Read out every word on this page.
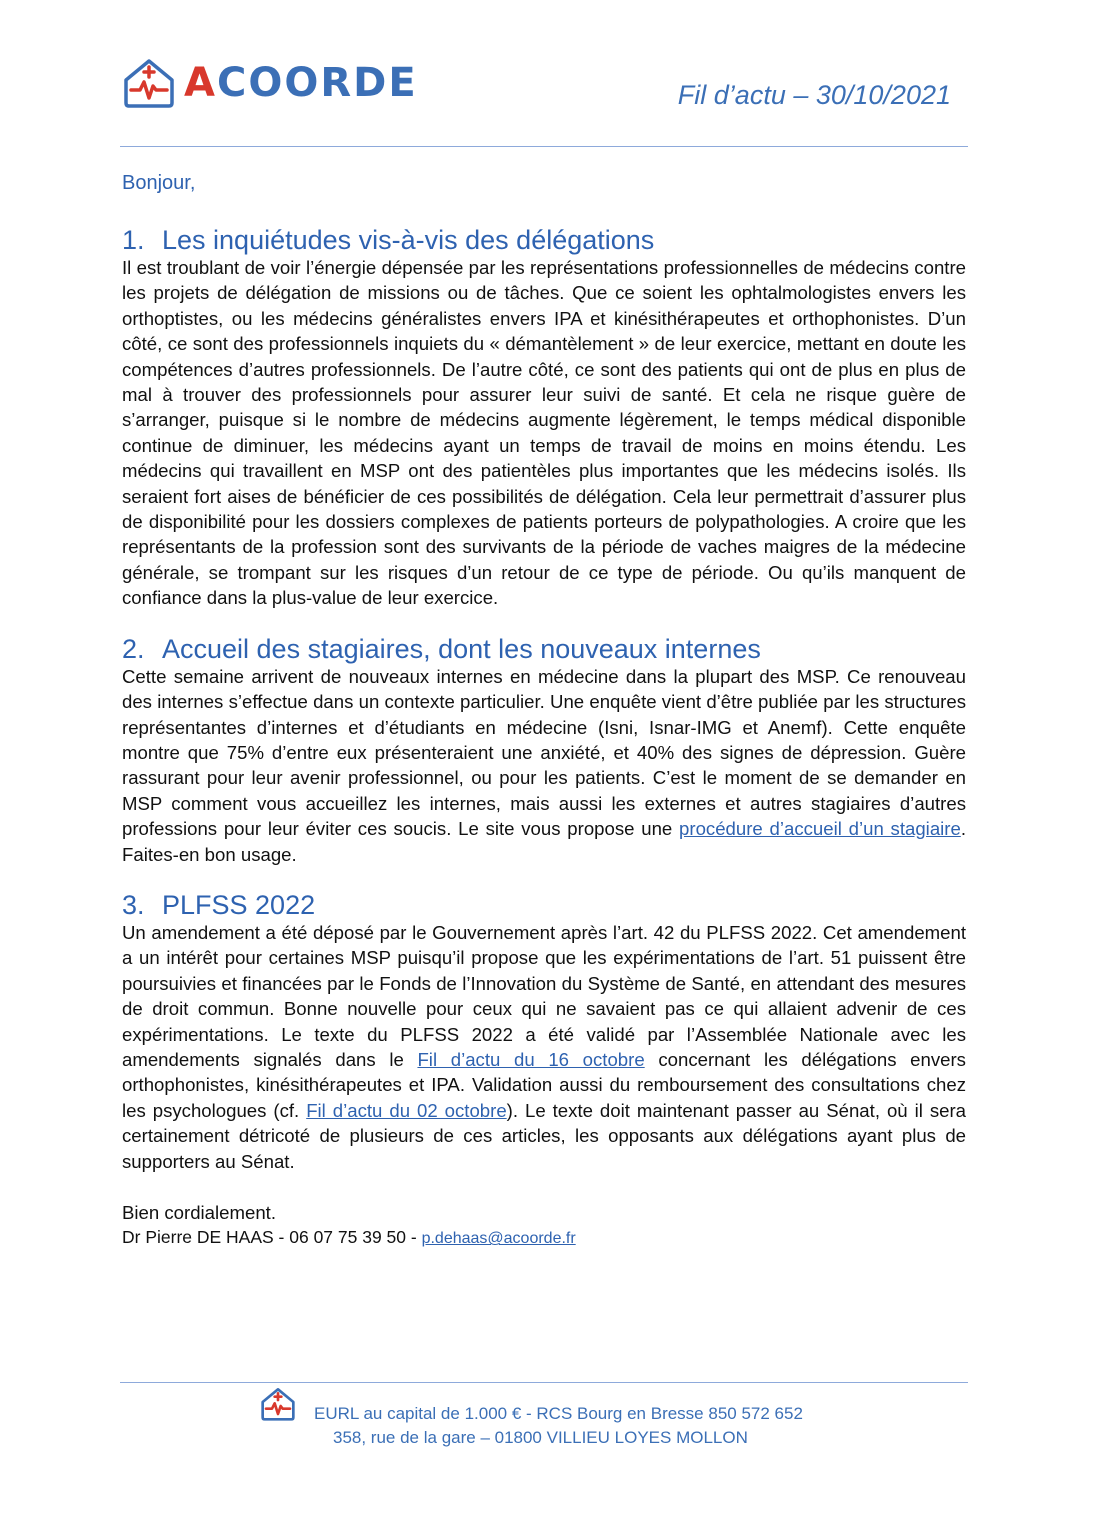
ACOORDE	Fil d’actu – 30/10/2021

Bonjour,

1. Les inquiétudes vis-à-vis des délégations

Il est troublant de voir l’énergie dépensée par les représentations professionnelles de médecins contre les projets de délégation de missions ou de tâches. Que ce soient les ophtalmologistes envers les orthoptistes, ou les médecins généralistes envers IPA et kinésithérapeutes et orthophonistes. D’un côté, ce sont des professionnels inquiets du « démantèlement » de leur exercice, mettant en doute les compétences d’autres professionnels. De l’autre côté, ce sont des patients qui ont de plus en plus de mal à trouver des professionnels pour assurer leur suivi de santé. Et cela ne risque guère de s’arranger, puisque si le nombre de médecins augmente légèrement, le temps médical disponible continue de diminuer, les médecins ayant un temps de travail de moins en moins étendu. Les médecins qui travaillent en MSP ont des patientèles plus importantes que les médecins isolés. Ils seraient fort aises de bénéficier de ces possibilités de délégation. Cela leur permettrait d’assurer plus de disponibilité pour les dossiers complexes de patients porteurs de polypathologies. A croire que les représentants de la profession sont des survivants de la période de vaches maigres de la médecine générale, se trompant sur les risques d’un retour de ce type de période. Ou qu’ils manquent de confiance dans la plus-value de leur exercice.

2. Accueil des stagiaires, dont les nouveaux internes

Cette semaine arrivent de nouveaux internes en médecine dans la plupart des MSP. Ce renouveau des internes s’effectue dans un contexte particulier. Une enquête vient d’être publiée par les structures représentantes d’internes et d’étudiants en médecine (Isni, Isnar-IMG et Anemf). Cette enquête montre que 75% d’entre eux présenteraient une anxiété, et 40% des signes de dépression. Guère rassurant pour leur avenir professionnel, ou pour les patients. C’est le moment de se demander en MSP comment vous accueillez les internes, mais aussi les externes et autres stagiaires d’autres professions pour leur éviter ces soucis. Le site vous propose une procédure d’accueil d’un stagiaire. Faites-en bon usage.

3. PLFSS 2022

Un amendement a été déposé par le Gouvernement après l’art. 42 du PLFSS 2022. Cet amendement a un intérêt pour certaines MSP puisqu’il propose que les expérimentations de l’art. 51 puissent être poursuivies et financées par le Fonds de l’Innovation du Système de Santé, en attendant des mesures de droit commun. Bonne nouvelle pour ceux qui ne savaient pas ce qui allaient advenir de ces expérimentations. Le texte du PLFSS 2022 a été validé par l’Assemblée Nationale avec les amendements signalés dans le Fil d’actu du 16 octobre concernant les délégations envers orthophonistes, kinésithérapeutes et IPA. Validation aussi du remboursement des consultations chez les psychologues (cf. Fil d’actu du 02 octobre). Le texte doit maintenant passer au Sénat, où il sera certainement détricoté de plusieurs de ces articles, les opposants aux délégations ayant plus de supporters au Sénat.

Bien cordialement.

Dr Pierre DE HAAS - 06 07 75 39 50 - p.dehaas@acoorde.fr

EURL au capital de 1.000 € - RCS Bourg en Bresse 850 572 652
358, rue de la gare – 01800 VILLIEU LOYES MOLLON
